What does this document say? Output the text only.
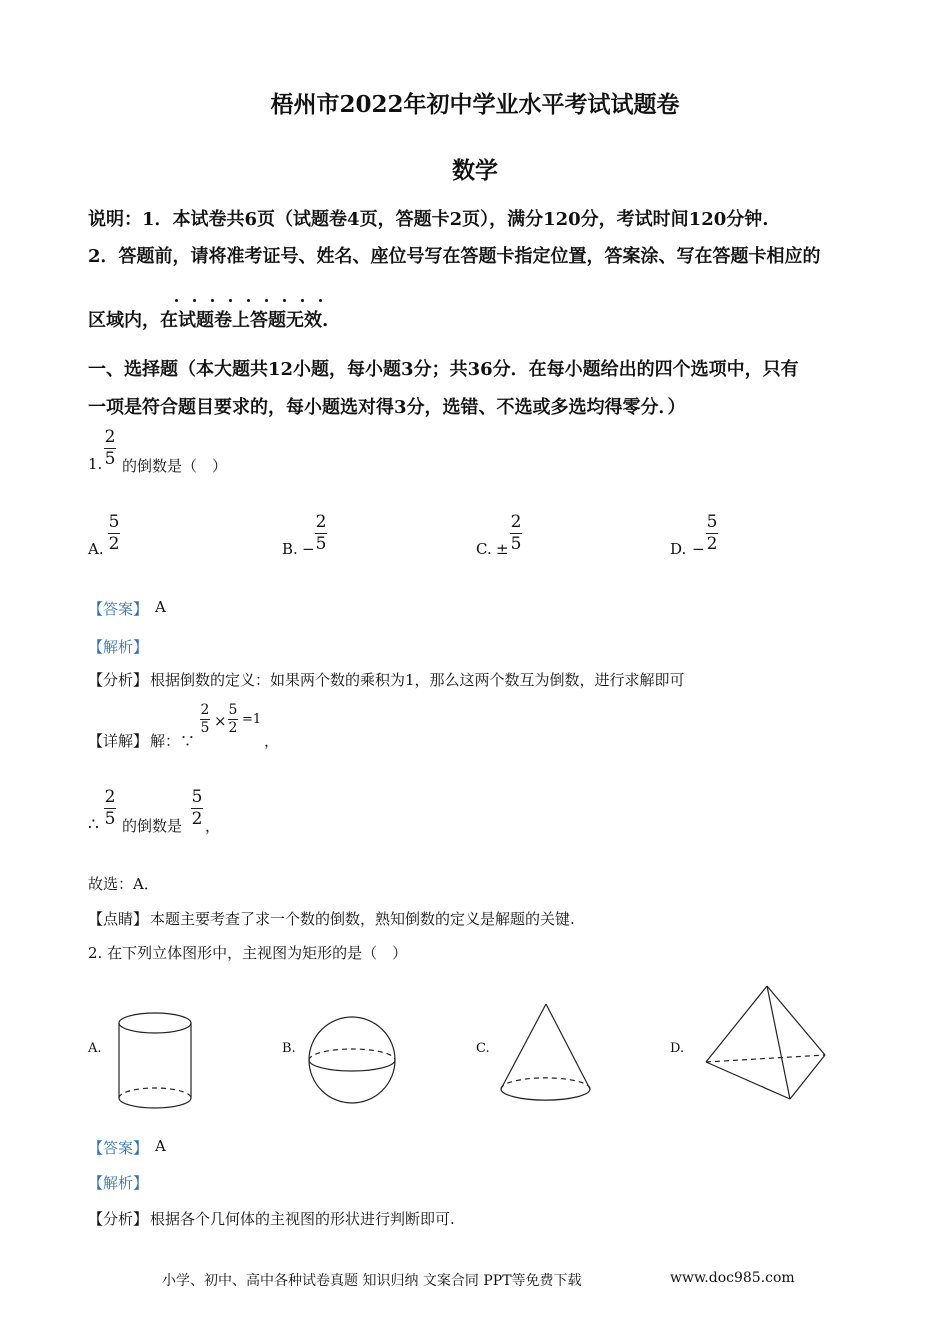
梧州市2022年初中学业水平考试试题卷
数学
说明：1．本试卷共6页（试题卷4页，答题卡2页），满分120分，考试时间120分钟.
2．答题前，请将准考证号、姓名、座位号写在答题卡指定位置，答案涂、写在答题卡相应的
区域内，在试题卷上答题无效.
一、选择题（本大题共12小题，每小题3分；共36分．在每小题给出的四个选项中，只有
一项是符合题目要求的，每小题选对得3分，选错、不选或多选均得零分．）
1.
2
5 的倒数是（　）
A.
5
2	B. −
2
5	C. ±
2
5	D. −
5
2
【答案】 A
【解析】
【分析】 根据倒数的定义：如果两个数的乘积为1，那么这两个数互为倒数，进行求解即可
【详解】 解：∵
2
5 ×
5
2
=1
，
∴
2
5 的倒数是
5
2 ，
故选：A．
【点睛】 本题主要考查了求一个数的倒数，熟知倒数的定义是解题的关键.
2. 在下列立体图形中，主视图为矩形的是（　）
A.	B.	C.	D.
【答案】 A
【解析】
【分析】 根据各个几何体的主视图的形状进行判断即可.
小学、初中、高中各种试卷真题 知识归纳 文案合同 PPT等免费下载	www.doc985.com
